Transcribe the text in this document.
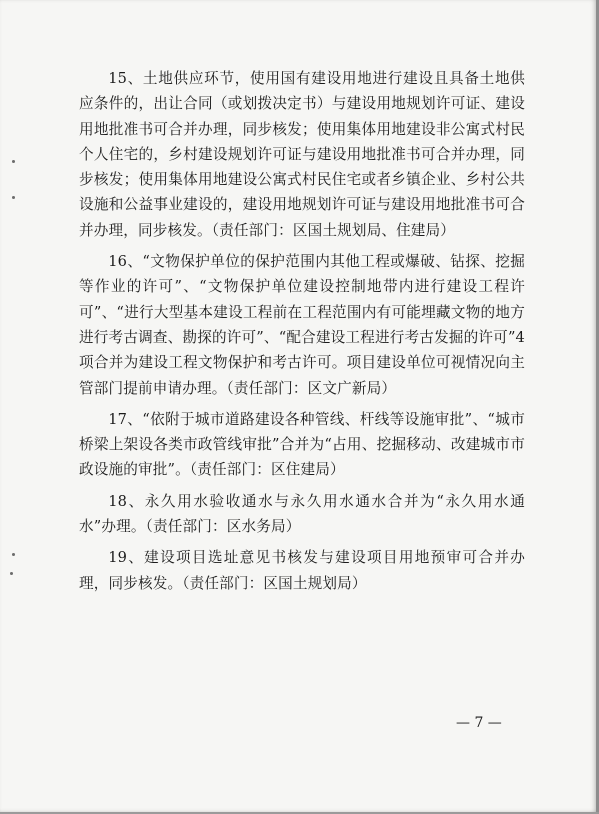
15、土地供应环节，使用国有建设用地进行建设且具备土地供应条件的，出让合同（或划拨决定书）与建设用地规划许可证、建设用地批准书可合并办理，同步核发；使用集体用地建设非公寓式村民个人住宅的，乡村建设规划许可证与建设用地批准书可合并办理，同步核发；使用集体用地建设公寓式村民住宅或者乡镇企业、乡村公共设施和公益事业建设的，建设用地规划许可证与建设用地批准书可合并办理，同步核发。（责任部门：区国土规划局、住建局）

16、“文物保护单位的保护范围内其他工程或爆破、钻探、挖掘等作业的许可”、“文物保护单位建设控制地带内进行建设工程许可”、“进行大型基本建设工程前在工程范围内有可能埋藏文物的地方进行考古调查、勘探的许可”、“配合建设工程进行考古发掘的许可”4项合并为建设工程文物保护和考古许可。项目建设单位可视情况向主管部门提前申请办理。（责任部门：区文广新局）

17、“依附于城市道路建设各种管线、杆线等设施审批”、“城市桥梁上架设各类市政管线审批”合并为“占用、挖掘移动、改建城市市政设施的审批”。（责任部门：区住建局）

18、永久用水验收通水与永久用水通水合并为“永久用水通水”办理。（责任部门：区水务局）

19、建设项目选址意见书核发与建设项目用地预审可合并办理，同步核发。（责任部门：区国土规划局）

— 7 —
